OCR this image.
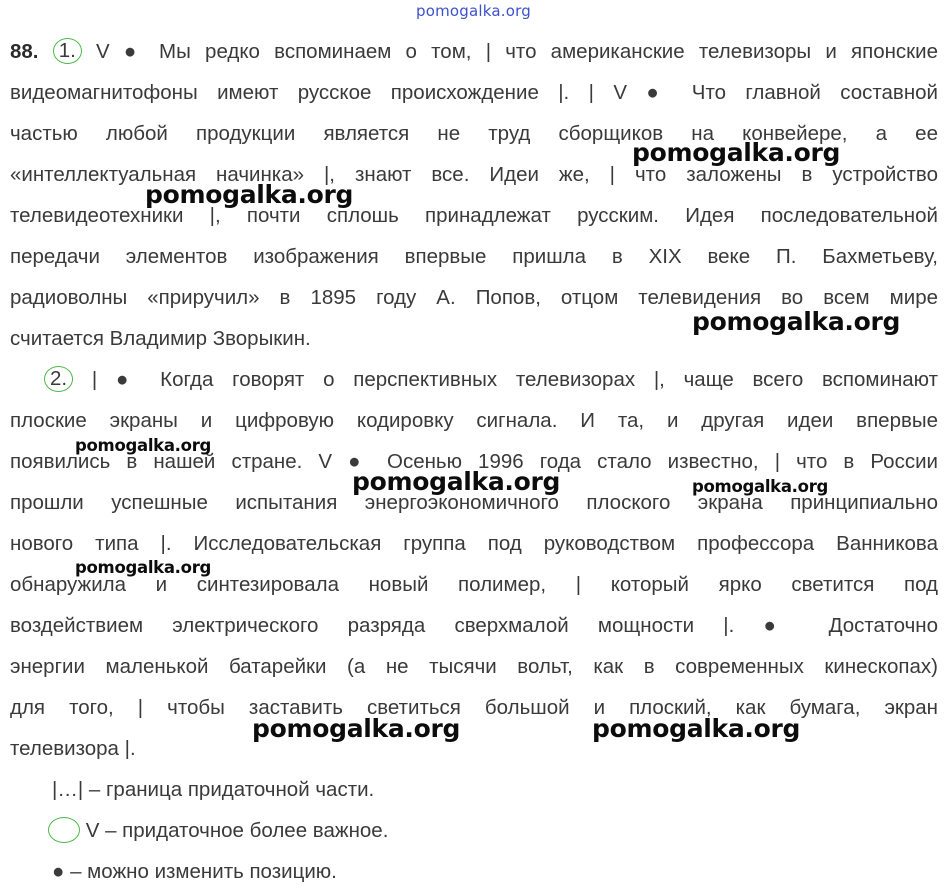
pomogalka.org
88. 1. V ● Мы редко вспоминаем о том, | что американские телевизоры и японские
видеомагнитофоны имеют русское происхождение |. | V ● Что главной составной
частью любой продукции является не труд сборщиков на конвейере, а ее
«интеллектуальная начинка» |, знают все. Идеи же, | что заложены в устройство
телевидеотехники |, почти сплошь принадлежат русским. Идея последовательной
передачи элементов изображения впервые пришла в XIX веке П. Бахметьеву,
радиоволны «приручил» в 1895 году А. Попов, отцом телевидения во всем мире
считается Владимир Зворыкин.
2. | ● Когда говорят о перспективных телевизорах |, чаще всего вспоминают
плоские экраны и цифровую кодировку сигнала. И та, и другая идеи впервые
появились в нашей стране. V ● Осенью 1996 года стало известно, | что в России
прошли успешные испытания энергоэкономичного плоского экрана принципиально
нового типа |. Исследовательская группа под руководством профессора Ванникова
обнаружила и синтезировала новый полимер, | который ярко светится под
воздействием электрического разряда сверхмалой мощности |. ● Достаточно
энергии маленькой батарейки (а не тысячи вольт, как в современных кинескопах)
для того, | чтобы заставить светиться большой и плоский, как бумага, экран
телевизора |.
|…| – граница придаточной части.
V – придаточное более важное.
● – можно изменить позицию.
pomogalka.org
pomogalka.org
pomogalka.org
pomogalka.org
pomogalka.org	pomogalka.org
pomogalka.org
pomogalka.org	pomogalka.org
